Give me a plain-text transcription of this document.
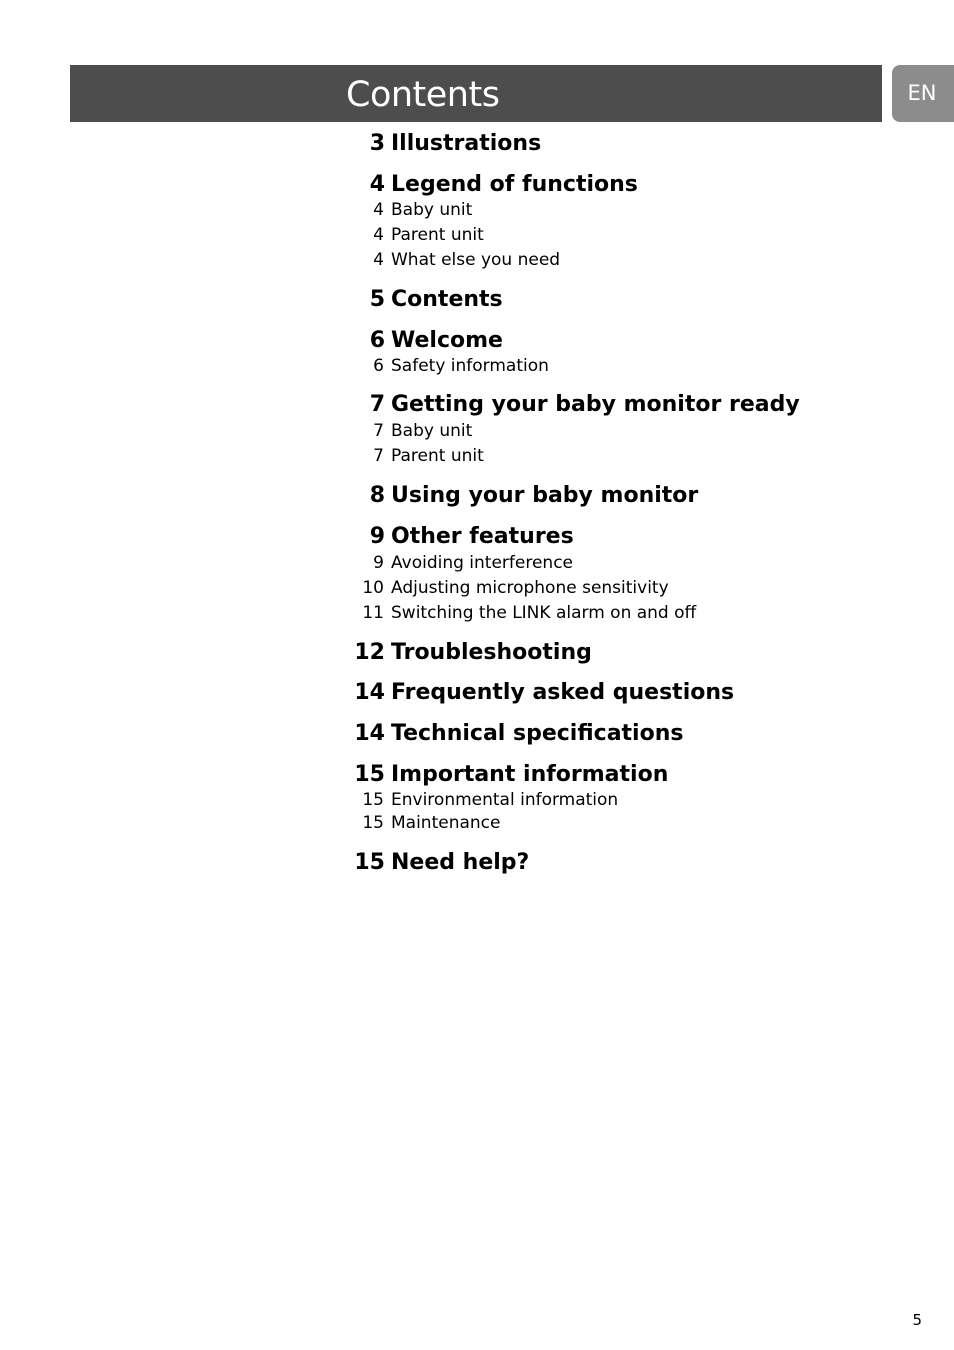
Contents	EN
3 Illustrations
4 Legend of functions
4 Baby unit
4 Parent unit
4 What else you need
5 Contents
6 Welcome
6 Safety information
7 Getting your baby monitor ready
7 Baby unit
7 Parent unit
8 Using your baby monitor
9 Other features
9 Avoiding interference
10 Adjusting microphone sensitivity
11 Switching the LINK alarm on and off
12 Troubleshooting
14 Frequently asked questions
14 Technical specifications
15 Important information
15 Environmental information
15 Maintenance
15 Need help?
5
